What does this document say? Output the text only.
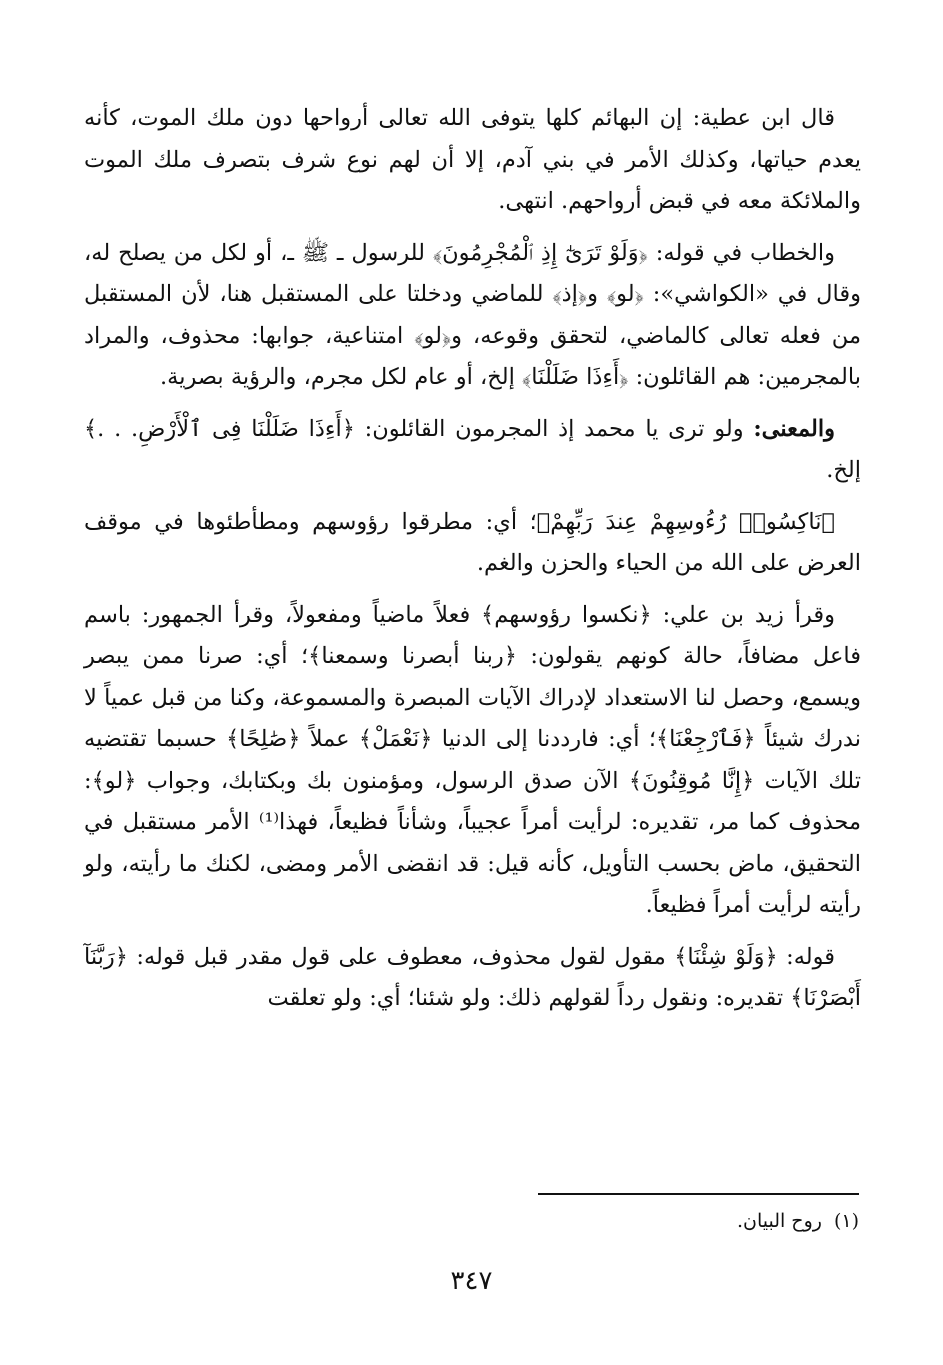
قال ابن عطية: إن البهائم كلها يتوفى الله تعالى أرواحها دون ملك الموت، كأنه يعدم حياتها، وكذلك الأمر في بني آدم، إلا أن لهم نوع شرف بتصرف ملك الموت والملائكة معه في قبض أرواحهم. انتهى.

والخطاب في قوله: ﴿وَلَوْ تَرَىٰٓ إِذِ ٱلْمُجْرِمُونَ﴾ للرسول ـ ﷺ ـ، أو لكل من يصلح له، وقال في «الكواشي»: ﴿لو﴾ و﴿إذ﴾ للماضي ودخلتا على المستقبل هنا، لأن المستقبل من فعله تعالى كالماضي، لتحقق وقوعه، و﴿لو﴾ امتناعية، جوابها: محذوف، والمراد بالمجرمين: هم القائلون: ﴿أَءِذَا ضَلَلْنَا﴾ إلخ، أو عام لكل مجرم، والرؤية بصرية.

والمعنى: ولو ترى يا محمد إذ المجرمون القائلون: ﴿أَءِذَا ضَلَلْنَا فِى ٱلْأَرْضِ. . .﴾ إلخ.

﴿نَاكِسُوا۟ رُءُوسِهِمْ عِندَ رَبِّهِمْ﴾؛ أي: مطرقوا رؤوسهم ومطأطئوها في موقف العرض على الله من الحياء والحزن والغم.

وقرأ زيد بن علي: ﴿نكسوا رؤوسهم﴾ فعلاً ماضياً ومفعولاً، وقرأ الجمهور: باسم فاعل مضافاً، حالة كونهم يقولون: ﴿ربنا أبصرنا وسمعنا﴾؛ أي: صرنا ممن يبصر ويسمع، وحصل لنا الاستعداد لإدراك الآيات المبصرة والمسموعة، وكنا من قبل عمياً لا ندرك شيئاً ﴿فَٱرْجِعْنَا﴾؛ أي: فارددنا إلى الدنيا ﴿نَعْمَلْ﴾ عملاً ﴿صَٰلِحًا﴾ حسبما تقتضيه تلك الآيات ﴿إِنَّا مُوقِنُونَ﴾ الآن صدق الرسول، ومؤمنون بك وبكتابك، وجواب ﴿لو﴾: محذوف كما مر، تقديره: لرأيت أمراً عجيباً، وشأناً فظيعاً، فهذا⁽¹⁾ الأمر مستقبل في التحقيق، ماض بحسب التأويل، كأنه قيل: قد انقضى الأمر ومضى، لكنك ما رأيته، ولو رأيته لرأيت أمراً فظيعاً.

قوله: ﴿وَلَوْ شِئْنَا﴾ مقول لقول محذوف، معطوف على قول مقدر قبل قوله: ﴿رَبَّنَآ أَبْصَرْنَا﴾ تقديره: ونقول رداً لقولهم ذلك: ولو شئنا؛ أي: ولو تعلقت

(١)روح البيان.
٣٤٧
